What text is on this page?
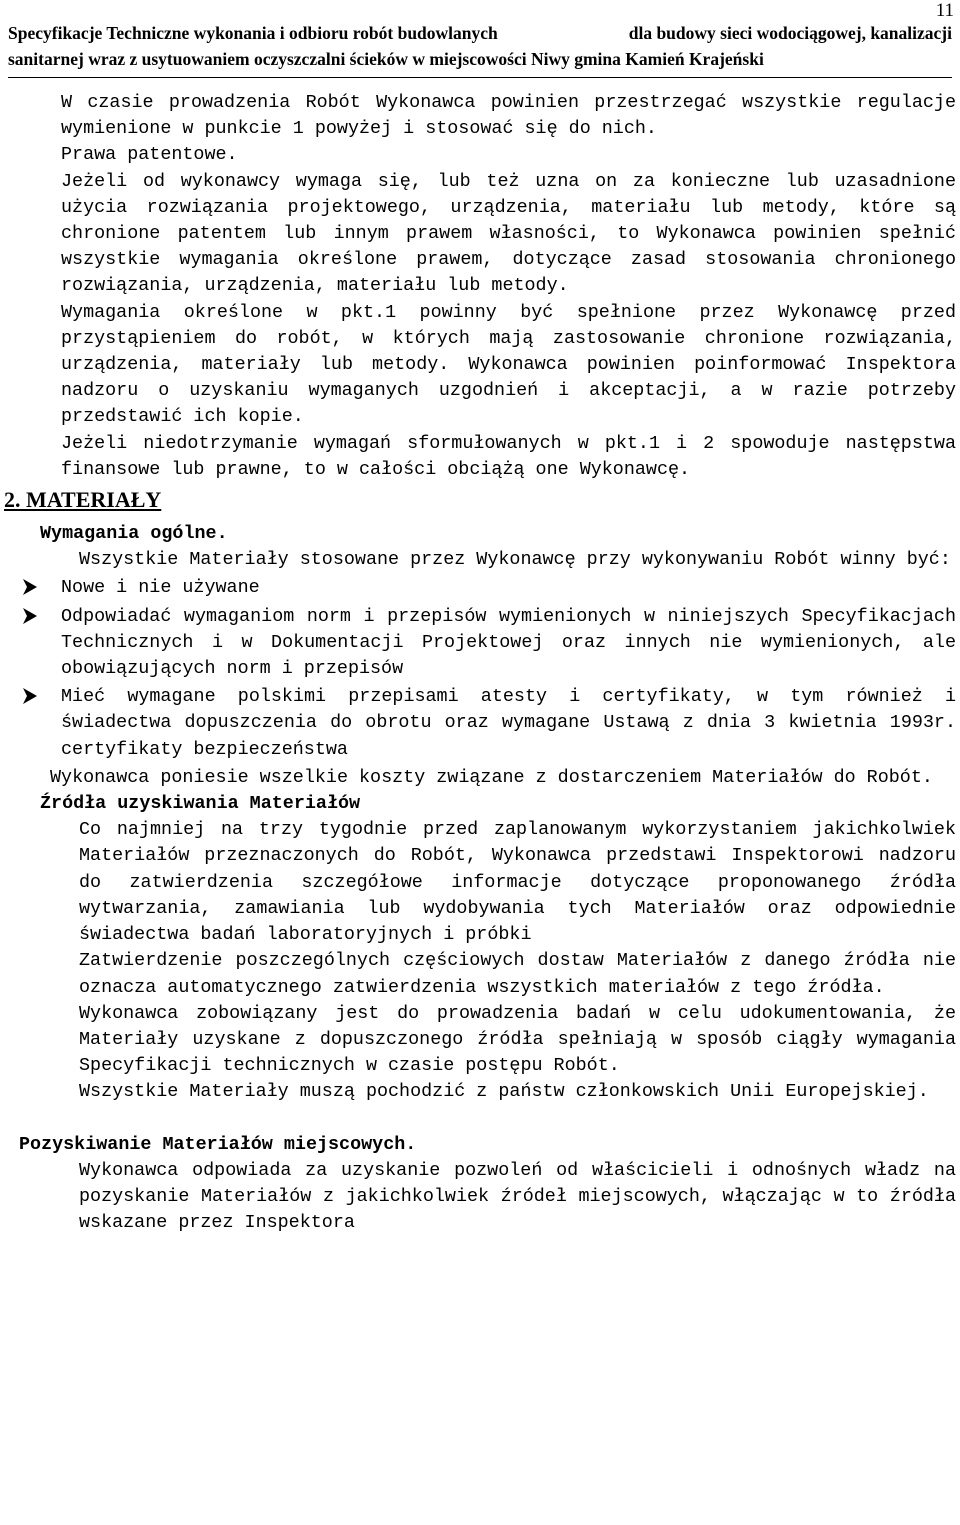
11
Specyfikacje Techniczne wykonania i odbioru robót budowlanych	dla budowy sieci wodociągowej, kanalizacji
sanitarnej wraz z usytuowaniem oczyszczalni ścieków w miejscowości Niwy gmina Kamień Krajeński

W czasie prowadzenia Robót Wykonawca powinien przestrzegać wszystkie regulacje wymienione w punkcie 1 powyżej i stosować się do nich.

Prawa patentowe.

Jeżeli od wykonawcy wymaga się, lub też uzna on za konieczne lub uzasadnione użycia rozwiązania projektowego, urządzenia, materiału lub metody, które są chronione patentem lub innym prawem własności, to Wykonawca powinien spełnić wszystkie wymagania określone prawem, dotyczące zasad stosowania chronionego rozwiązania, urządzenia, materiału lub metody.

Wymagania określone w pkt.1 powinny być spełnione przez Wykonawcę przed przystąpieniem do robót, w których mają zastosowanie chronione rozwiązania, urządzenia, materiały lub metody. Wykonawca powinien poinformować Inspektora nadzoru o uzyskaniu wymaganych uzgodnień i akceptacji, a w razie potrzeby przedstawić ich kopie.

Jeżeli niedotrzymanie wymagań sformułowanych w pkt.1 i 2 spowoduje następstwa finansowe lub prawne, to w całości obciążą one Wykonawcę.

2. MATERIAŁY

Wymagania ogólne.

Wszystkie Materiały stosowane przez Wykonawcę przy wykonywaniu Robót winny być:

Nowe i nie używane
Odpowiadać wymaganiom norm i przepisów wymienionych w niniejszych Specyfikacjach Technicznych i w Dokumentacji Projektowej oraz innych nie wymienionych, ale obowiązujących norm i przepisów
Mieć wymagane polskimi przepisami atesty i certyfikaty, w tym również i świadectwa dopuszczenia do obrotu oraz wymagane Ustawą z dnia 3 kwietnia 1993r. certyfikaty bezpieczeństwa

Wykonawca poniesie wszelkie koszty związane z dostarczeniem Materiałów do Robót.

Źródła uzyskiwania Materiałów

Co najmniej na trzy tygodnie przed zaplanowanym wykorzystaniem jakichkolwiek Materiałów przeznaczonych do Robót, Wykonawca przedstawi Inspektorowi nadzoru do zatwierdzenia szczegółowe informacje dotyczące proponowanego źródła wytwarzania, zamawiania lub wydobywania tych Materiałów oraz odpowiednie świadectwa badań laboratoryjnych i próbki

Zatwierdzenie poszczególnych częściowych dostaw Materiałów z danego źródła nie oznacza automatycznego zatwierdzenia wszystkich materiałów z tego źródła.

Wykonawca zobowiązany jest do prowadzenia badań w celu udokumentowania, że Materiały uzyskane z dopuszczonego źródła spełniają w sposób ciągły wymagania Specyfikacji technicznych w czasie postępu Robót.

Wszystkie Materiały muszą pochodzić z państw członkowskich Unii Europejskiej.

Pozyskiwanie Materiałów miejscowych.

Wykonawca odpowiada za uzyskanie pozwoleń od właścicieli i odnośnych władz na pozyskanie Materiałów z jakichkolwiek źródeł miejscowych, włączając w to źródła wskazane przez Inspektora
